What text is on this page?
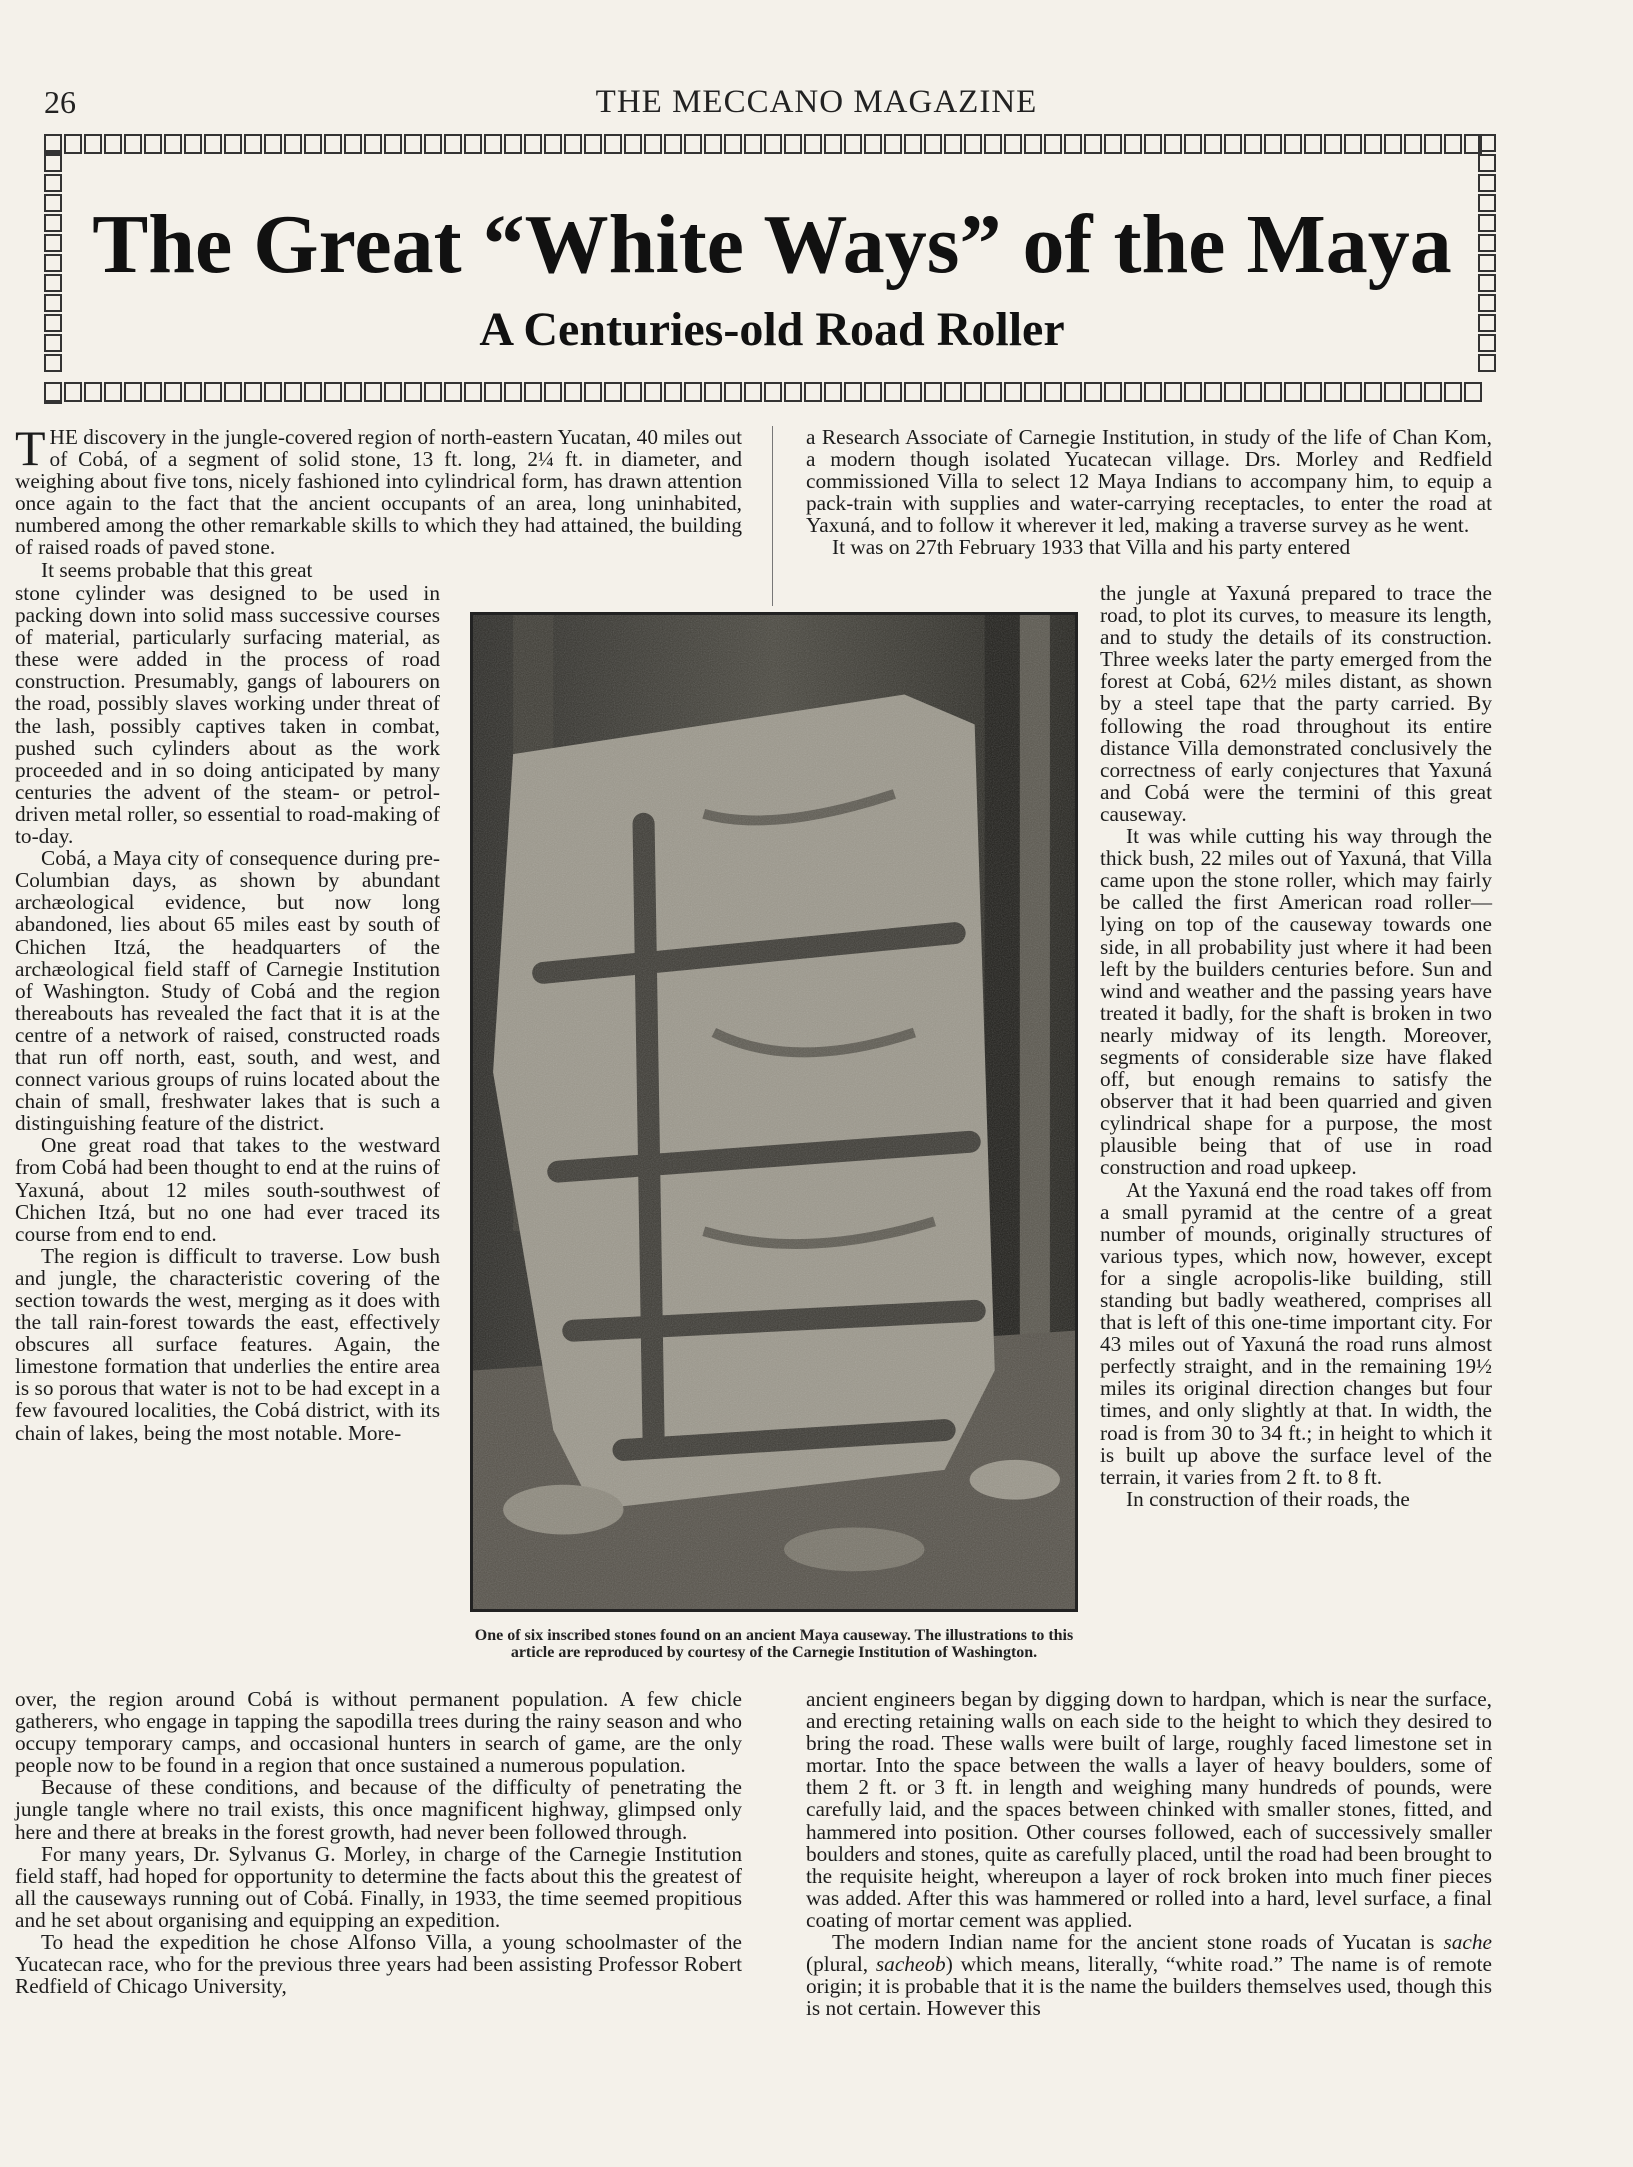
26	THE MECCANO MAGAZINE
The Great “White Ways” of the Maya
A Centuries-old Road Roller

THE discovery in the jungle-covered region of north-eastern Yucatan, 40 miles out of Cobá, of a segment of solid stone, 13 ft. long, 2¼ ft. in diameter, and weighing about five tons, nicely fashioned into cylindrical form, has drawn attention once again to the fact that the ancient occupants of an area, long uninhabited, numbered among the other remarkable skills to which they had attained, the building of raised roads of paved stone.

It seems probable that this great

stone cylinder was designed to be used in packing down into solid mass successive courses of material, particularly surfacing material, as these were added in the process of road construction. Presumably, gangs of labourers on the road, possibly slaves working under threat of the lash, possibly captives taken in combat, pushed such cylinders about as the work proceeded and in so doing anticipated by many centuries the advent of the steam- or petrol-driven metal roller, so essential to road-making of to-day.

Cobá, a Maya city of consequence during pre-Columbian days, as shown by abundant archæological evidence, but now long abandoned, lies about 65 miles east by south of Chichen Itzá, the headquarters of the archæological field staff of Carnegie Institution of Washington. Study of Cobá and the region thereabouts has revealed the fact that it is at the centre of a network of raised, constructed roads that run off north, east, south, and west, and connect various groups of ruins located about the chain of small, freshwater lakes that is such a distinguishing feature of the district.

One great road that takes to the westward from Cobá had been thought to end at the ruins of Yaxuná, about 12 miles south-southwest of Chichen Itzá, but no one had ever traced its course from end to end.

The region is difficult to traverse. Low bush and jungle, the characteristic covering of the section towards the west, merging as it does with the tall rain-forest towards the east, effectively obscures all surface features. Again, the limestone formation that underlies the entire area is so porous that water is not to be had except in a few favoured localities, the Cobá district, with its chain of lakes, being the most notable. More-

One of six inscribed stones found on an ancient Maya causeway. The illustrations to this article are reproduced by courtesy of the Carnegie Institution of Washington.

over, the region around Cobá is without permanent population. A few chicle gatherers, who engage in tapping the sapodilla trees during the rainy season and who occupy temporary camps, and occasional hunters in search of game, are the only people now to be found in a region that once sustained a numerous population.

Because of these conditions, and because of the difficulty of penetrating the jungle tangle where no trail exists, this once magnificent highway, glimpsed only here and there at breaks in the forest growth, had never been followed through.

For many years, Dr. Sylvanus G. Morley, in charge of the Carnegie Institution field staff, had hoped for opportunity to determine the facts about this the greatest of all the causeways running out of Cobá. Finally, in 1933, the time seemed propitious and he set about organising and equipping an expedition.

To head the expedition he chose Alfonso Villa, a young schoolmaster of the Yucatecan race, who for the previous three years had been assisting Professor Robert Redfield of Chicago University,

a Research Associate of Carnegie Institution, in study of the life of Chan Kom, a modern though isolated Yucatecan village. Drs. Morley and Redfield commissioned Villa to select 12 Maya Indians to accompany him, to equip a pack-train with supplies and water-carrying receptacles, to enter the road at Yaxuná, and to follow it wherever it led, making a traverse survey as he went.

It was on 27th February 1933 that Villa and his party entered

the jungle at Yaxuná prepared to trace the road, to plot its curves, to measure its length, and to study the details of its construction. Three weeks later the party emerged from the forest at Cobá, 62½ miles distant, as shown by a steel tape that the party carried. By following the road throughout its entire distance Villa demonstrated conclusively the correctness of early conjectures that Yaxuná and Cobá were the termini of this great causeway.

It was while cutting his way through the thick bush, 22 miles out of Yaxuná, that Villa came upon the stone roller, which may fairly be called the first American road roller—lying on top of the causeway towards one side, in all probability just where it had been left by the builders centuries before. Sun and wind and weather and the passing years have treated it badly, for the shaft is broken in two nearly midway of its length. Moreover, segments of considerable size have flaked off, but enough remains to satisfy the observer that it had been quarried and given cylindrical shape for a purpose, the most plausible being that of use in road construction and road upkeep.

At the Yaxuná end the road takes off from a small pyramid at the centre of a great number of mounds, originally structures of various types, which now, however, except for a single acropolis-like building, still standing but badly weathered, comprises all that is left of this one-time important city. For 43 miles out of Yaxuná the road runs almost perfectly straight, and in the remaining 19½ miles its original direction changes but four times, and only slightly at that. In width, the road is from 30 to 34 ft.; in height to which it is built up above the surface level of the terrain, it varies from 2 ft. to 8 ft.

In construction of their roads, the

ancient engineers began by digging down to hardpan, which is near the surface, and erecting retaining walls on each side to the height to which they desired to bring the road. These walls were built of large, roughly faced limestone set in mortar. Into the space between the walls a layer of heavy boulders, some of them 2 ft. or 3 ft. in length and weighing many hundreds of pounds, were carefully laid, and the spaces between chinked with smaller stones, fitted, and hammered into position. Other courses followed, each of successively smaller boulders and stones, quite as carefully placed, until the road had been brought to the requisite height, whereupon a layer of rock broken into much finer pieces was added. After this was hammered or rolled into a hard, level surface, a final coating of mortar cement was applied.

The modern Indian name for the ancient stone roads of Yucatan is sache (plural, sacheob) which means, literally, “white road.” The name is of remote origin; it is probable that it is the name the builders themselves used, though this is not certain. However this
